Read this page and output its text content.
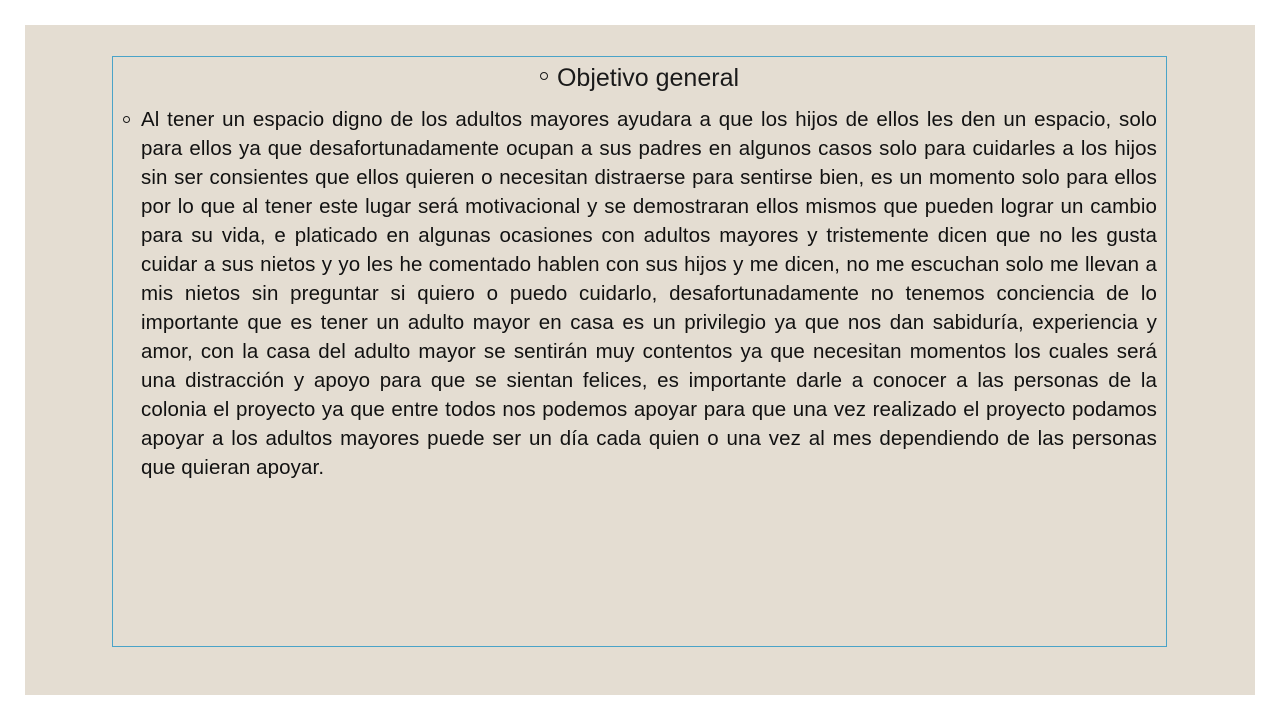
Objetivo general
Al tener un espacio digno de los adultos mayores ayudara a que los hijos de ellos les den un espacio, solo para ellos ya que desafortunadamente ocupan a sus padres en algunos casos solo para cuidarles a los hijos sin ser consientes que ellos quieren o necesitan distraerse para sentirse bien, es un momento solo para ellos por lo que al tener este lugar será motivacional y se demostraran ellos mismos que pueden lograr un cambio para su vida, e platicado en algunas ocasiones con adultos mayores y tristemente dicen que no les gusta cuidar a sus nietos y yo les he comentado hablen con sus hijos y me dicen, no me escuchan solo me llevan a mis nietos sin preguntar si quiero o puedo cuidarlo, desafortunadamente no tenemos conciencia de lo importante que es tener un adulto mayor en casa es un privilegio ya que nos dan sabiduría, experiencia y amor, con la casa del adulto mayor se sentirán muy contentos ya que necesitan momentos los cuales será una distracción y apoyo para que se sientan felices, es importante darle a conocer a las personas de la colonia el proyecto ya que entre todos nos podemos apoyar para que una vez realizado el proyecto podamos apoyar a los adultos mayores puede ser un día cada quien o una vez al mes dependiendo de las personas que quieran apoyar.
